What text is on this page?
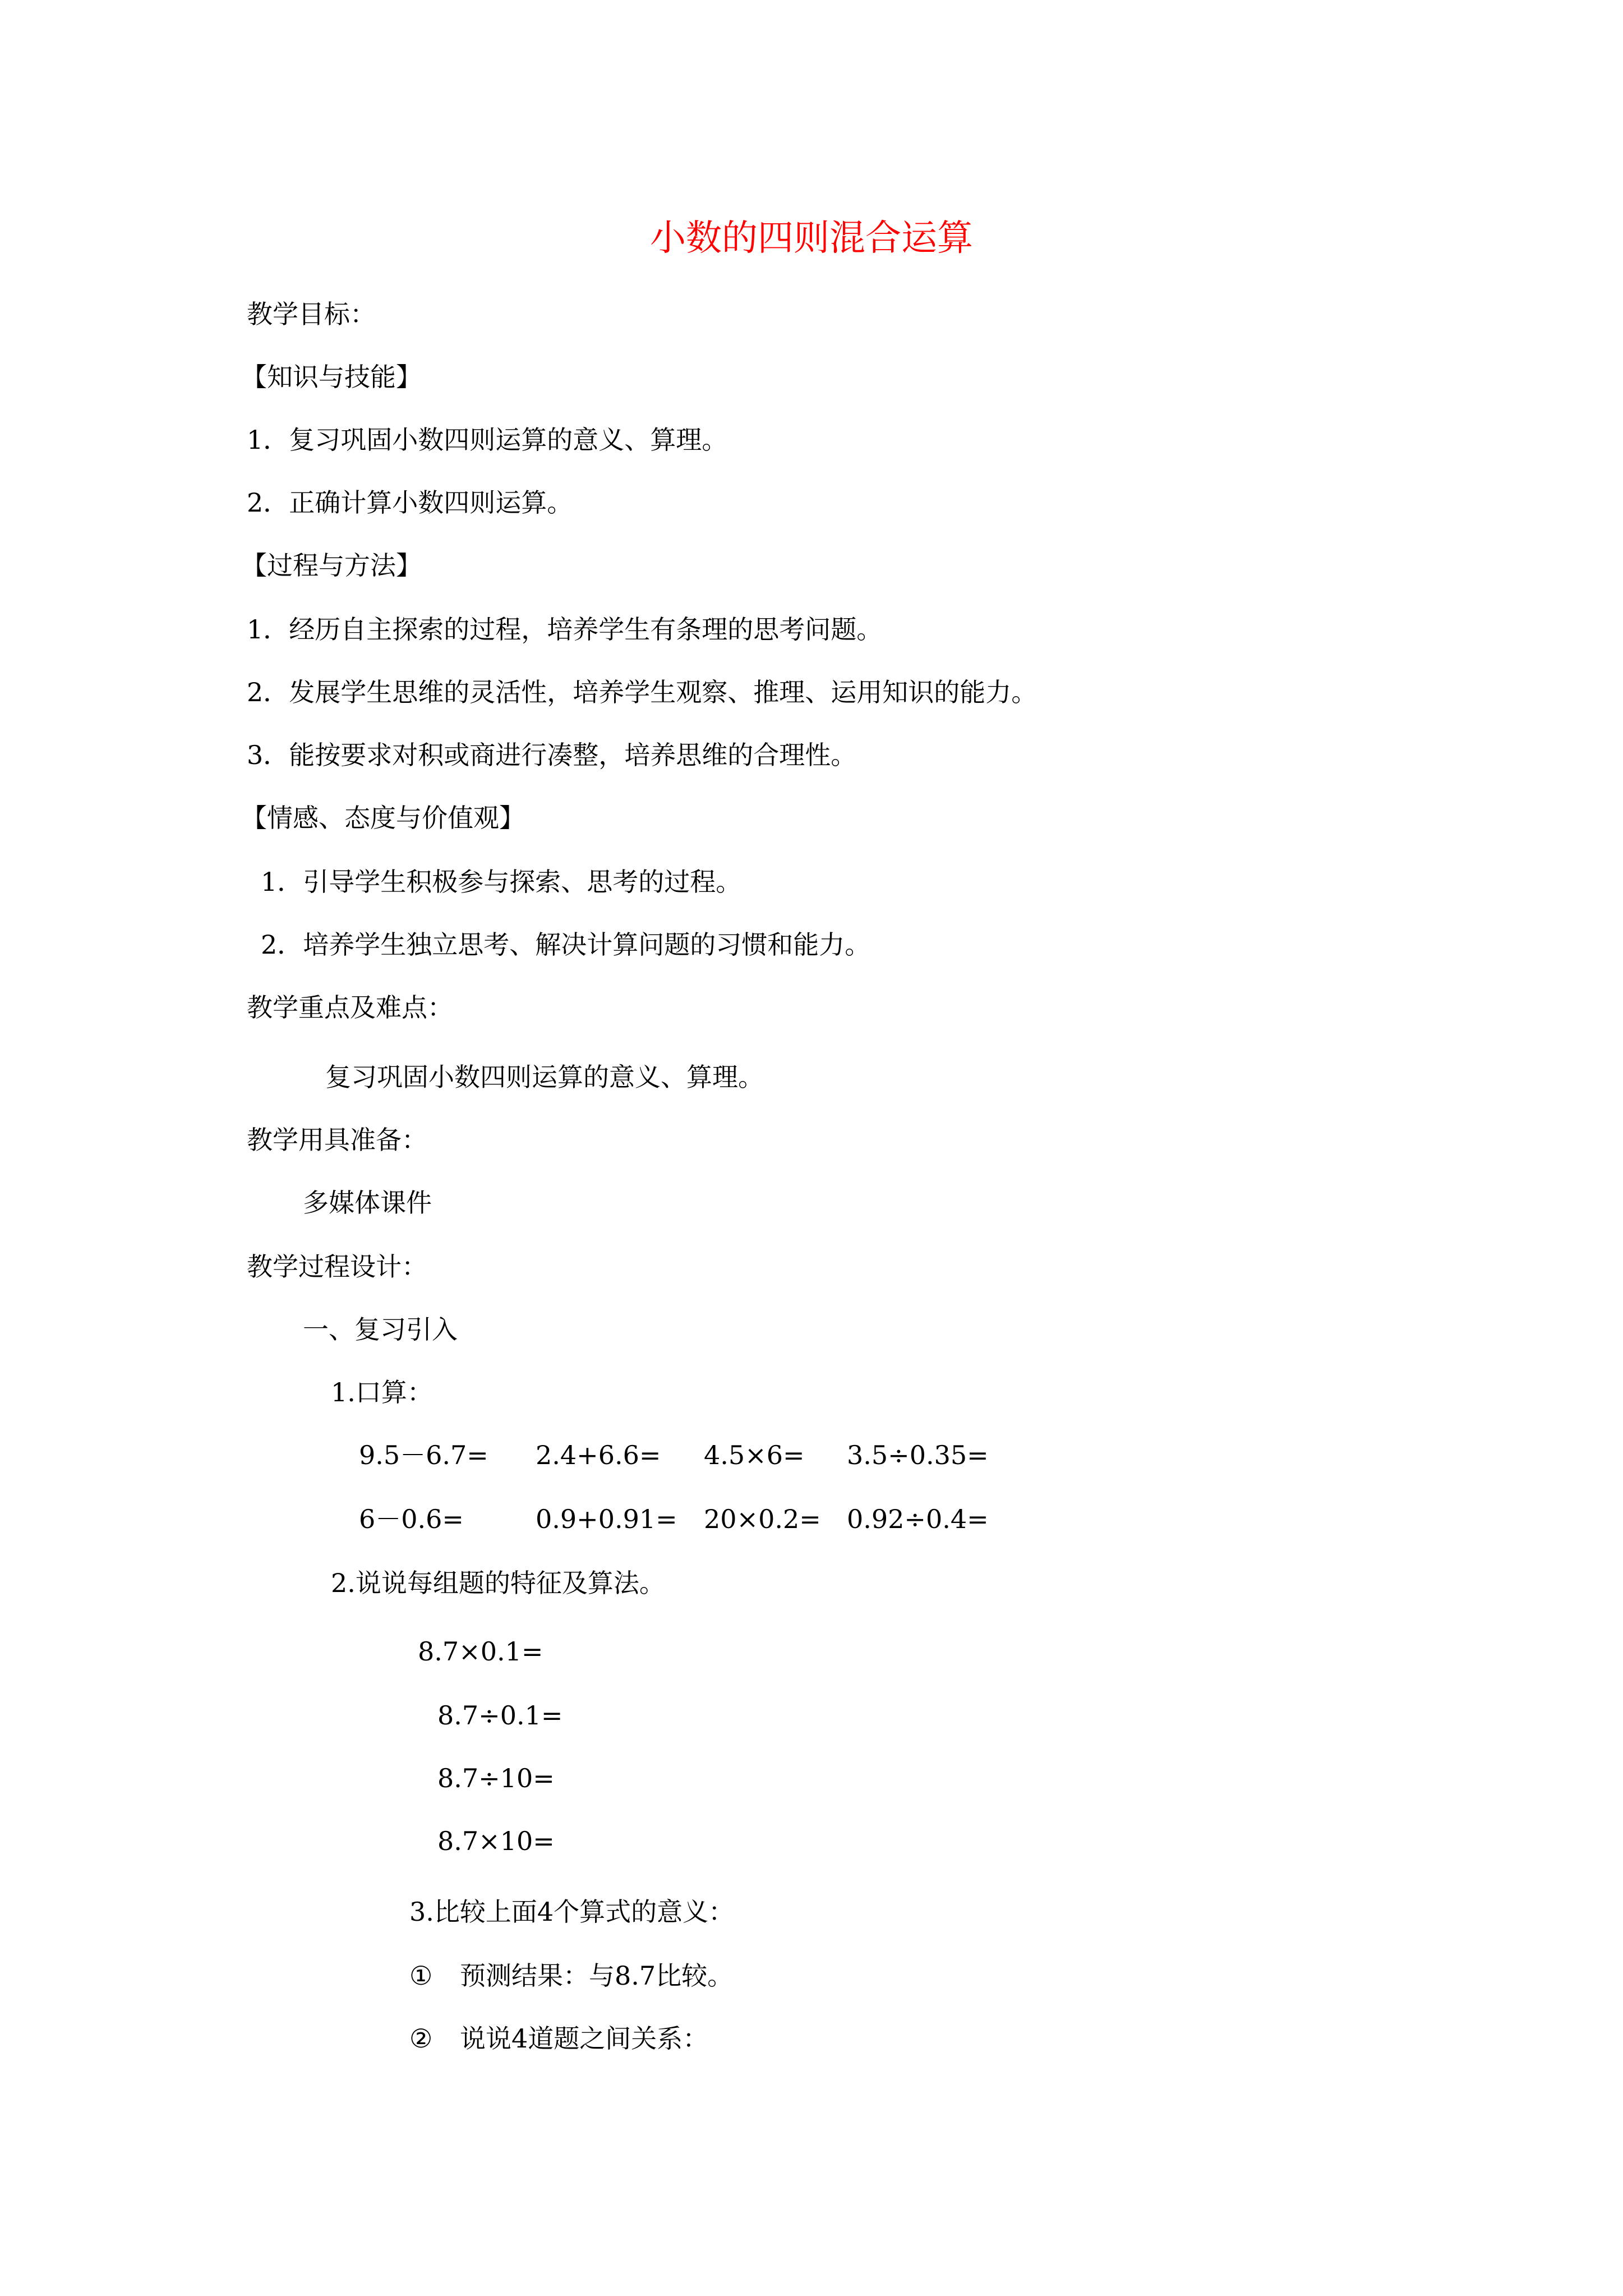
小数的四则混合运算
教学目标：
【知识与技能】
1．复习巩固小数四则运算的意义、算理。
2．正确计算小数四则运算。
【过程与方法】
1．经历自主探索的过程，培养学生有条理的思考问题。
2．发展学生思维的灵活性，培养学生观察、推理、运用知识的能力。
3．能按要求对积或商进行凑整，培养思维的合理性。
【情感、态度与价值观】
1．引导学生积极参与探索、思考的过程。
2．培养学生独立思考、解决计算问题的习惯和能力。
教学重点及难点：
复习巩固小数四则运算的意义、算理。
教学用具准备：
多媒体课件
教学过程设计：
一、复习引入
1.口算：
9.5－6.7= 2.4+6.6= 4.5×6= 3.5÷0.35=
6－0.6=	0.9+0.91= 20×0.2= 0.92÷0.4=
2.说说每组题的特征及算法。
8.7×0.1=
8.7÷0.1=
8.7÷10=
8.7×10=
3.比较上面4个算式的意义：
① 预测结果：与8.7比较。
② 说说4道题之间关系：
